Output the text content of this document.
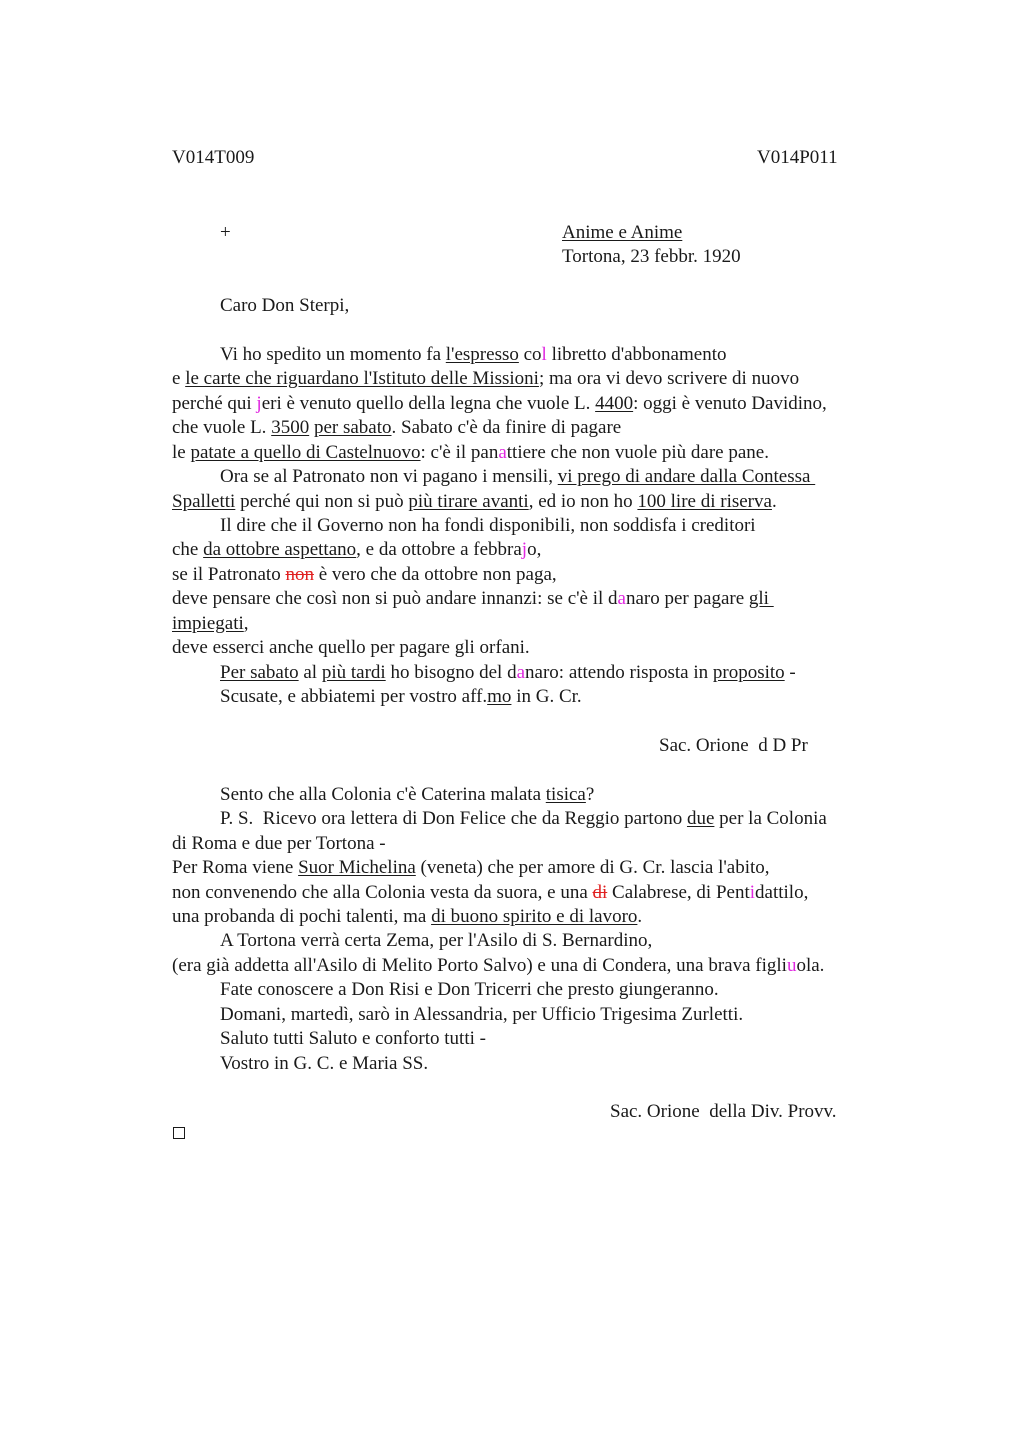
V014T009	V014P011
+	Anime e Anime
Tortona, 23 febbr. 1920
Caro Don Sterpi,
Vi ho spedito un momento fa l'espresso col libretto d'abbonamento
e le carte che riguardano l'Istituto delle Missioni; ma ora vi devo scrivere di nuovo
perché qui jeri è venuto quello della legna che vuole L. 4400: oggi è venuto Davidino,
che vuole L. 3500 per sabato. Sabato c'è da finire di pagare
le patate a quello di Castelnuovo: c'è il panattiere che non vuole più dare pane.
Ora se al Patronato non vi pagano i mensili, vi prego di andare dalla Contessa
Spalletti perché qui non si può più tirare avanti, ed io non ho 100 lire di riserva.
Il dire che il Governo non ha fondi disponibili, non soddisfa i creditori
che da ottobre aspettano, e da ottobre a febbrajo,
se il Patronato non è vero che da ottobre non paga,
deve pensare che così non si può andare innanzi: se c'è il danaro per pagare gli
impiegati,
deve esserci anche quello per pagare gli orfani.
Per sabato al più tardi ho bisogno del danaro: attendo risposta in proposito -
Scusate, e abbiatemi per vostro aff.mo in G. Cr.
Sac. Orione  d D Pr
Sento che alla Colonia c'è Caterina malata tisica?
P. S.  Ricevo ora lettera di Don Felice che da Reggio partono due per la Colonia
di Roma e due per Tortona -
Per Roma viene Suor Michelina (veneta) che per amore di G. Cr. lascia l'abito,
non convenendo che alla Colonia vesta da suora, e una di Calabrese, di Pentidattilo,
una probanda di pochi talenti, ma di buono spirito e di lavoro.
A Tortona verrà certa Zema, per l'Asilo di S. Bernardino,
(era già addetta all'Asilo di Melito Porto Salvo) e una di Condera, una brava figliuola.
Fate conoscere a Don Risi e Don Tricerri che presto giungeranno.
Domani, martedì, sarò in Alessandria, per Ufficio Trigesima Zurletti.
Saluto tutti Saluto e conforto tutti -
Vostro in G. C. e Maria SS.
Sac. Orione  della Div. Provv.
